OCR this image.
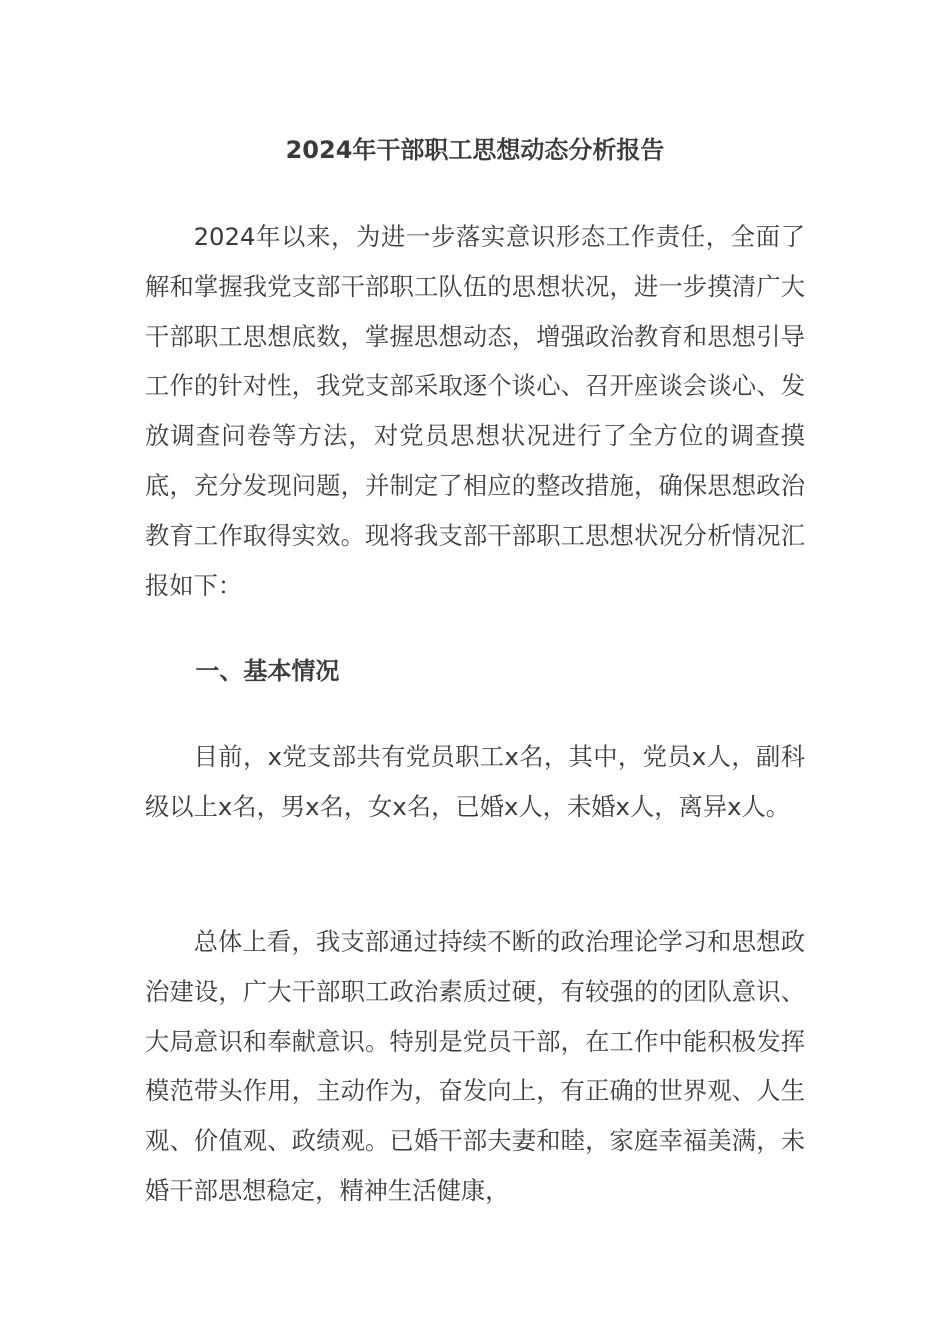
2024年干部职工思想动态分析报告

2024年以来，为进一步落实意识形态工作责任，全面了解和掌握我党支部干部职工队伍的思想状况，进一步摸清广大干部职工思想底数，掌握思想动态，增强政治教育和思想引导工作的针对性，我党支部采取逐个谈心、召开座谈会谈心、发放调查问卷等方法，对党员思想状况进行了全方位的调查摸底，充分发现问题，并制定了相应的整改措施，确保思想政治教育工作取得实效。现将我支部干部职工思想状况分析情况汇报如下：

一、基本情况

目前，x党支部共有党员职工x名，其中，党员x人，副科级以上x名，男x名，女x名，已婚x人，未婚x人，离异x人。

总体上看，我支部通过持续不断的政治理论学习和思想政治建设，广大干部职工政治素质过硬，有较强的的团队意识、大局意识和奉献意识。特别是党员干部，在工作中能积极发挥模范带头作用，主动作为，奋发向上，有正确的世界观、人生观、价值观、政绩观。已婚干部夫妻和睦，家庭幸福美满，未婚干部思想稳定，精神生活健康，
